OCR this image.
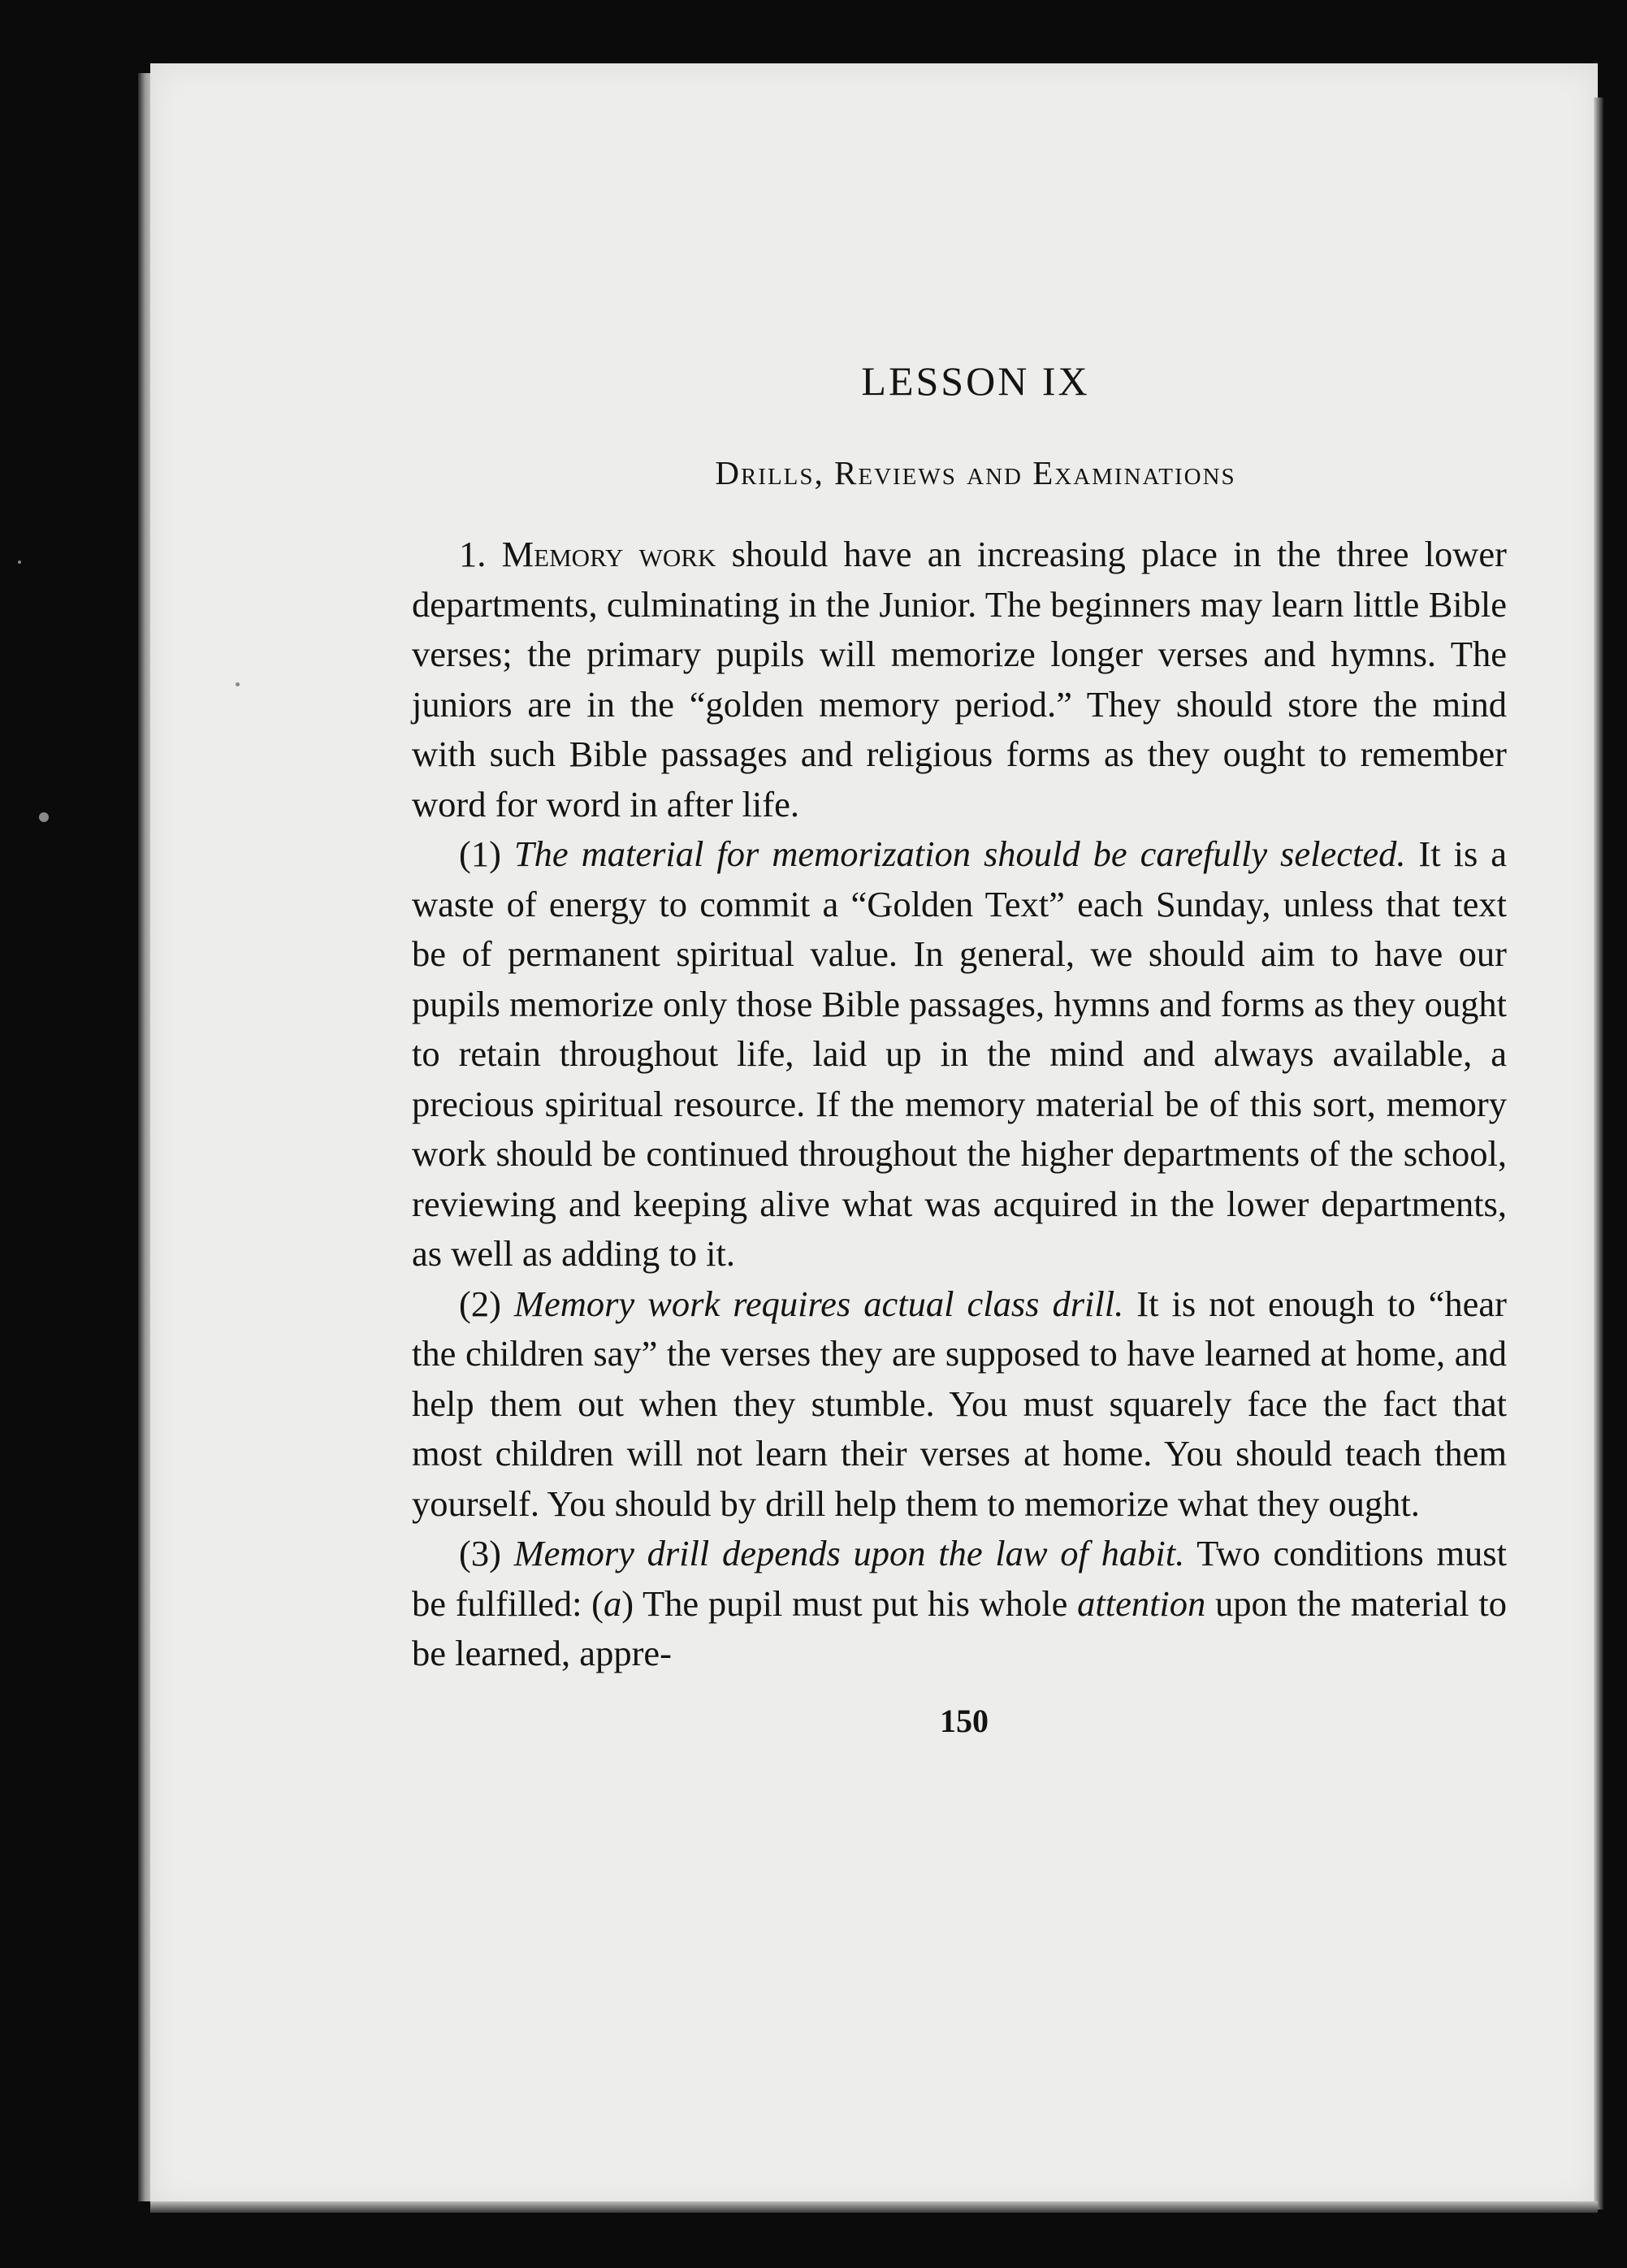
LESSON IX
Drills, Reviews and Examinations

1. Memory work should have an increasing place in the three lower departments, culminating in the Junior. The beginners may learn little Bible verses; the primary pupils will memorize longer verses and hymns. The juniors are in the “golden memory period.” They should store the mind with such Bible passages and religious forms as they ought to remember word for word in after life.

(1) The material for memorization should be carefully selected. It is a waste of energy to commit a “Golden Text” each Sunday, unless that text be of permanent spiritual value. In general, we should aim to have our pupils memorize only those Bible passages, hymns and forms as they ought to retain throughout life, laid up in the mind and always available, a precious spiritual resource. If the memory material be of this sort, memory work should be continued throughout the higher departments of the school, reviewing and keeping alive what was acquired in the lower departments, as well as adding to it.

(2) Memory work requires actual class drill. It is not enough to “hear the children say” the verses they are supposed to have learned at home, and help them out when they stumble. You must squarely face the fact that most children will not learn their verses at home. You should teach them yourself. You should by drill help them to memorize what they ought.

(3) Memory drill depends upon the law of habit. Two conditions must be fulfilled: (a) The pupil must put his whole attention upon the material to be learned, appre-

150
